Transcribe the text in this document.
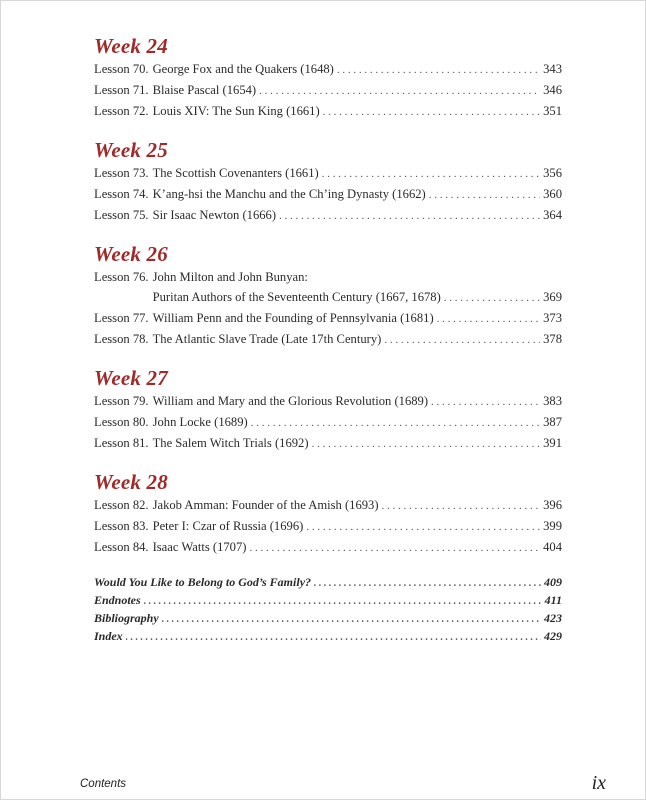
Week 24
Lesson 70. George Fox and the Quakers (1648) . . .	343
Lesson 71. Blaise Pascal (1654) . . .	346
Lesson 72. Louis XIV: The Sun King (1661) . . .	351
Week 25
Lesson 73. The Scottish Covenanters (1661) . . .	356
Lesson 74. K’ang-hsi the Manchu and the Ch’ing Dynasty (1662) . . .	360
Lesson 75. Sir Isaac Newton (1666) . . .	364
Week 26
Lesson 76. John Milton and John Bunyan:
Puritan Authors of the Seventeenth Century (1667, 1678) . . .	369
Lesson 77. William Penn and the Founding of Pennsylvania (1681) . . .	373
Lesson 78. The Atlantic Slave Trade (Late 17th Century) . . .	378
Week 27
Lesson 79. William and Mary and the Glorious Revolution (1689) . . .	383
Lesson 80. John Locke (1689) . . .	387
Lesson 81. The Salem Witch Trials (1692) . . .	391
Week 28
Lesson 82. Jakob Amman: Founder of the Amish (1693) . . .	396
Lesson 83. Peter I: Czar of Russia (1696) . . .	399
Lesson 84. Isaac Watts (1707) . . .	404
Would You Like to Belong to God’s Family? . . .	409
Endnotes . . .	411
Bibliography . . .	423
Index . . .	429
Contents	ix
